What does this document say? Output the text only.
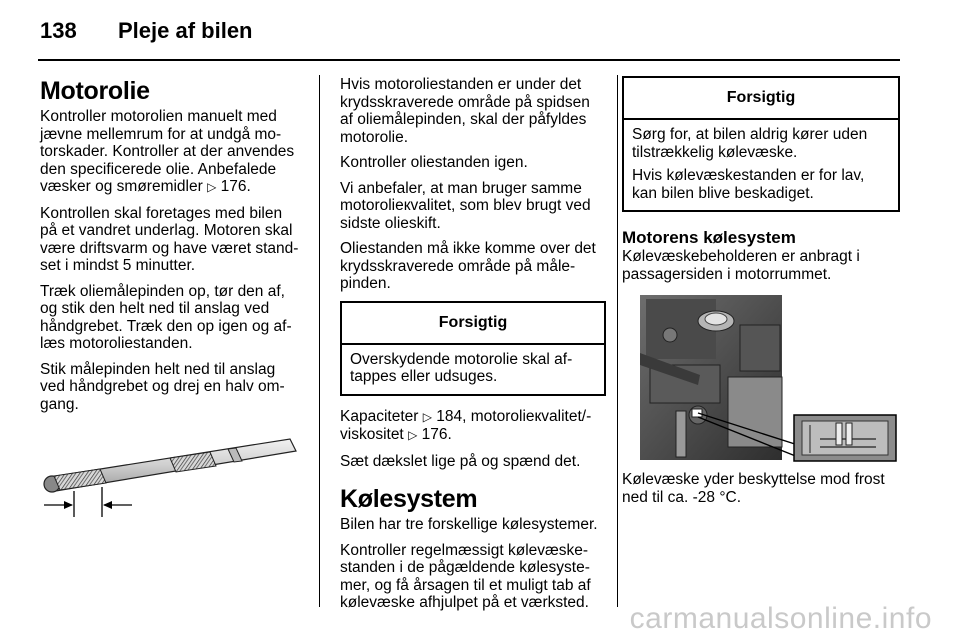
138 Pleje af bilen
Motorolie

Kontroller motorolien manuelt med jævne mellemrum for at undgå mo-torskader. Kontroller at der anvendes den specificerede olie. Anbefalede væsker og smøremidler ▷ 176.

Kontrollen skal foretages med bilen på et vandret underlag. Motoren skal være driftsvarm og have været stand-set i mindst 5 minutter.

Træk oliemålepinden op, tør den af, og stik den helt ned til anslag ved håndgrebet. Træk den op igen og af-læs motoroliestanden.

Stik målepinden helt ned til anslag ved håndgrebet og drej en halv om-gang.

Hvis motoroliestanden er under det krydsskraverede område på spidsen af oliemålepinden, skal der påfyldes motorolie.

Kontroller oliestanden igen.

Vi anbefaler, at man bruger samme motorolieкvalitet, som blev brugt ved sidste olieskift.

Oliestanden må ikke komme over det krydsskraverede område på måle-pinden.

Forsigtig

Overskydende motorolie skal af-tappes eller udsuges.

Kapaciteter ▷ 184, motorolieкvalitet/-viskositet ▷ 176.

Sæt dækslet lige på og spænd det.

Kølesystem

Bilen har tre forskellige kølesystemer.

Kontroller regelmæssigt kølevæske-standen i de pågældende kølesyste-mer, og få årsagen til et muligt tab af kølevæske afhjulpet på et værksted.

Forsigtig

Sørg for, at bilen aldrig kører uden tilstrækkelig kølevæske.

Hvis kølevæskestanden er for lav, kan bilen blive beskadiget.

Motorens kølesystem

Kølevæskebeholderen er anbragt i passagersiden i motorrummet.

Kølevæske yder beskyttelse mod frost ned til ca. -28 °C.

carmanualsonline.info
